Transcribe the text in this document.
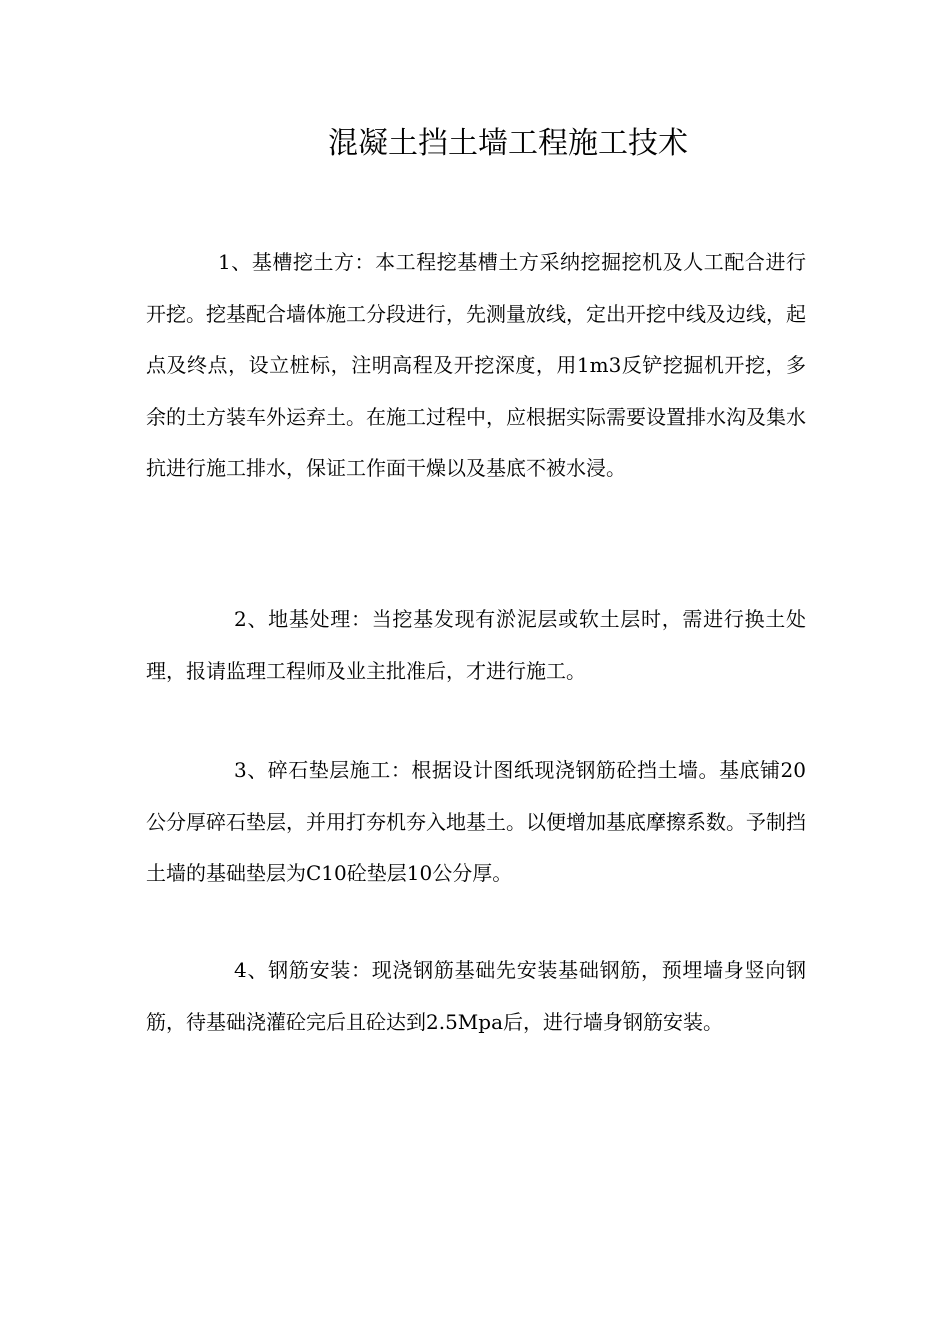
混凝土挡土墙工程施工技术

1、基槽挖土方：本工程挖基槽土方采纳挖掘挖机及人工配合进行开挖。挖基配合墙体施工分段进行，先测量放线，定出开挖中线及边线，起点及终点，设立桩标，注明高程及开挖深度，用1m3反铲挖掘机开挖，多余的土方装车外运弃土。在施工过程中，应根据实际需要设置排水沟及集水抗进行施工排水，保证工作面干燥以及基底不被水浸。

2、地基处理：当挖基发现有淤泥层或软土层时，需进行换土处理，报请监理工程师及业主批准后，才进行施工。

3、碎石垫层施工：根据设计图纸现浇钢筋砼挡土墙。基底铺20公分厚碎石垫层，并用打夯机夯入地基土。以便增加基底摩擦系数。予制挡土墙的基础垫层为C10砼垫层10公分厚。

4、钢筋安装：现浇钢筋基础先安装基础钢筋，预埋墙身竖向钢筋，待基础浇灌砼完后且砼达到2.5Mpa后，进行墙身钢筋安装。
